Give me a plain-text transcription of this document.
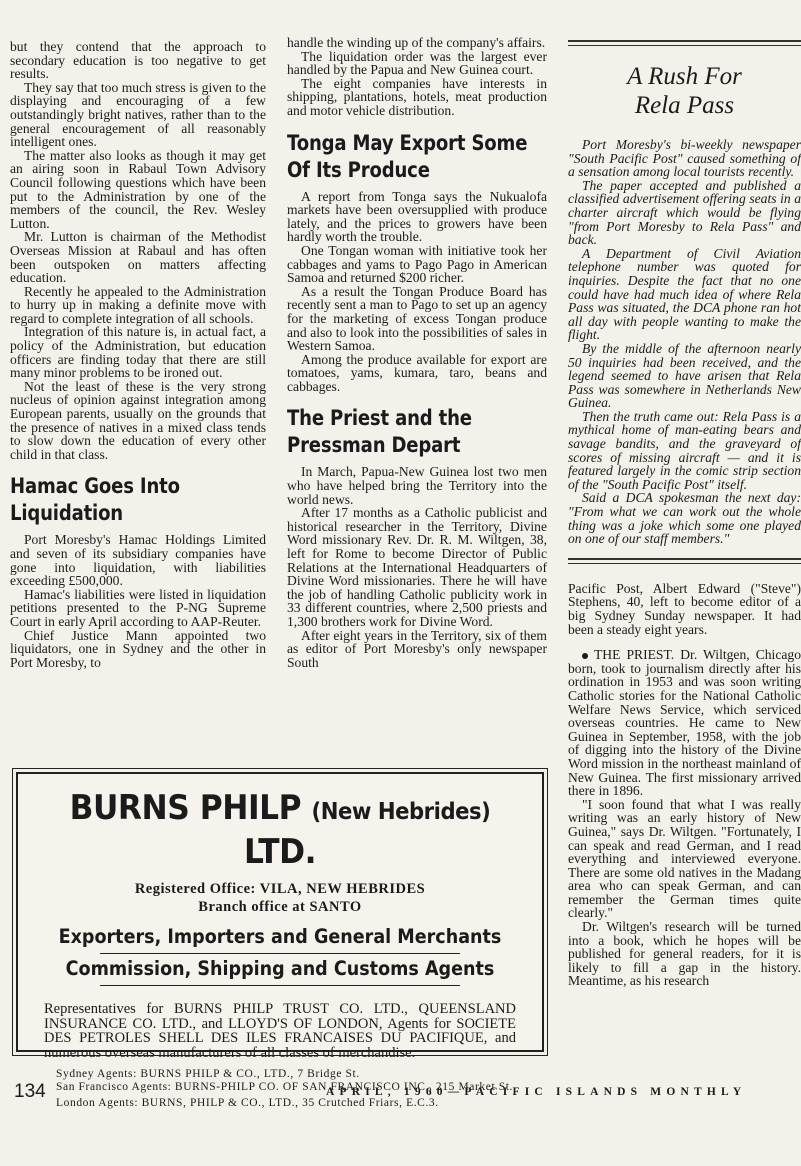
but they contend that the approach to secondary education is too negative to get results.

They say that too much stress is given to the displaying and encouraging of a few outstandingly bright natives, rather than to the general encouragement of all reasonably intelligent ones.

The matter also looks as though it may get an airing soon in Rabaul Town Advisory Council following questions which have been put to the Administration by one of the members of the council, the Rev. Wesley Lutton.

Mr. Lutton is chairman of the Methodist Overseas Mission at Rabaul and has often been outspoken on matters affecting education.

Recently he appealed to the Administration to hurry up in making a definite move with regard to complete integration of all schools.

Integration of this nature is, in actual fact, a policy of the Administration, but education officers are finding today that there are still many minor problems to be ironed out.

Not the least of these is the very strong nucleus of opinion against integration among European parents, usually on the grounds that the presence of natives in a mixed class tends to slow down the education of every other child in that class.

Hamac Goes Into
Liquidation

Port Moresby's Hamac Holdings Limited and seven of its subsidiary companies have gone into liquidation, with liabilities exceeding £500,000.

Hamac's liabilities were listed in liquidation petitions presented to the P-NG Supreme Court in early April according to AAP-Reuter.

Chief Justice Mann appointed two liquidators, one in Sydney and the other in Port Moresby, to

handle the winding up of the company's affairs.

The liquidation order was the largest ever handled by the Papua and New Guinea court.

The eight companies have interests in shipping, plantations, hotels, meat production and motor vehicle distribution.

Tonga May Export Some
Of Its Produce

A report from Tonga says the Nukualofa markets have been oversupplied with produce lately, and the prices to growers have been hardly worth the trouble.

One Tongan woman with initiative took her cabbages and yams to Pago Pago in American Samoa and returned $200 richer.

As a result the Tongan Produce Board has recently sent a man to Pago to set up an agency for the marketing of excess Tongan produce and also to look into the possibilities of sales in Western Samoa.

Among the produce available for export are tomatoes, yams, kumara, taro, beans and cabbages.

The Priest and the
Pressman Depart

In March, Papua-New Guinea lost two men who have helped bring the Territory into the world news.

After 17 months as a Catholic publicist and historical researcher in the Territory, Divine Word missionary Rev. Dr. R. M. Wiltgen, 38, left for Rome to become Director of Public Relations at the International Headquarters of Divine Word missionaries. There he will have the job of handling Catholic publicity work in 33 different countries, where 2,500 priests and 1,300 brothers work for Divine Word.

After eight years in the Territory, six of them as editor of Port Moresby's only newspaper South

A Rush For
Rela Pass

Port Moresby's bi-weekly newspaper "South Pacific Post" caused something of a sensation among local tourists recently.

The paper accepted and published a classified advertisement offering seats in a charter aircraft which would be flying "from Port Moresby to Rela Pass" and back.

A Department of Civil Aviation telephone number was quoted for inquiries. Despite the fact that no one could have had much idea of where Rela Pass was situated, the DCA phone ran hot all day with people wanting to make the flight.

By the middle of the afternoon nearly 50 inquiries had been received, and the legend seemed to have arisen that Rela Pass was somewhere in Netherlands New Guinea.

Then the truth came out: Rela Pass is a mythical home of man-eating bears and savage bandits, and the graveyard of scores of missing aircraft — and it is featured largely in the comic strip section of the "South Pacific Post" itself.

Said a DCA spokesman the next day: "From what we can work out the whole thing was a joke which some one played on one of our staff members."

Pacific Post, Albert Edward ("Steve") Stephens, 40, left to become editor of a big Sydney Sunday newspaper. It had been a steady eight years.

THE PRIEST. Dr. Wiltgen, Chicago born, took to journalism directly after his ordination in 1953 and was soon writing Catholic stories for the National Catholic Welfare News Service, which serviced overseas countries. He came to New Guinea in September, 1958, with the job of digging into the history of the Divine Word mission in the northeast mainland of New Guinea. The first missionary arrived there in 1896.

"I soon found that what I was really writing was an early history of New Guinea," says Dr. Wiltgen. "Fortunately, I can speak and read German, and I read everything and interviewed everyone. There are some old natives in the Madang area who can speak German, and can remember the German times quite clearly."

Dr. Wiltgen's research will be turned into a book, which he hopes will be published for general readers, for it is likely to fill a gap in the history. Meantime, as his research

BURNS PHILP (New Hebrides) LTD.

Registered Office: VILA, NEW HEBRIDES

Branch office at SANTO

Exporters, Importers and General Merchants
Commission, Shipping and Customs Agents
Representatives for BURNS PHILP TRUST CO. LTD., QUEENSLAND INSURANCE CO. LTD., and LLOYD'S OF LONDON, Agents for SOCIETE DES PETROLES SHELL DES ILES FRANCAISES DU PACIFIQUE, and numerous overseas manufacturers of all classes of merchandise.
Sydney Agents: BURNS PHILP & CO., LTD., 7 Bridge St.
San Francisco Agents: BURNS-PHILP CO. OF SAN FRANCISCO INC., 215 Market St.
London Agents: BURNS, PHILP & CO., LTD., 35 Crutched Friars, E.C.3.
134	APRIL, 1960—PACIFIC ISLANDS MONTHLY
